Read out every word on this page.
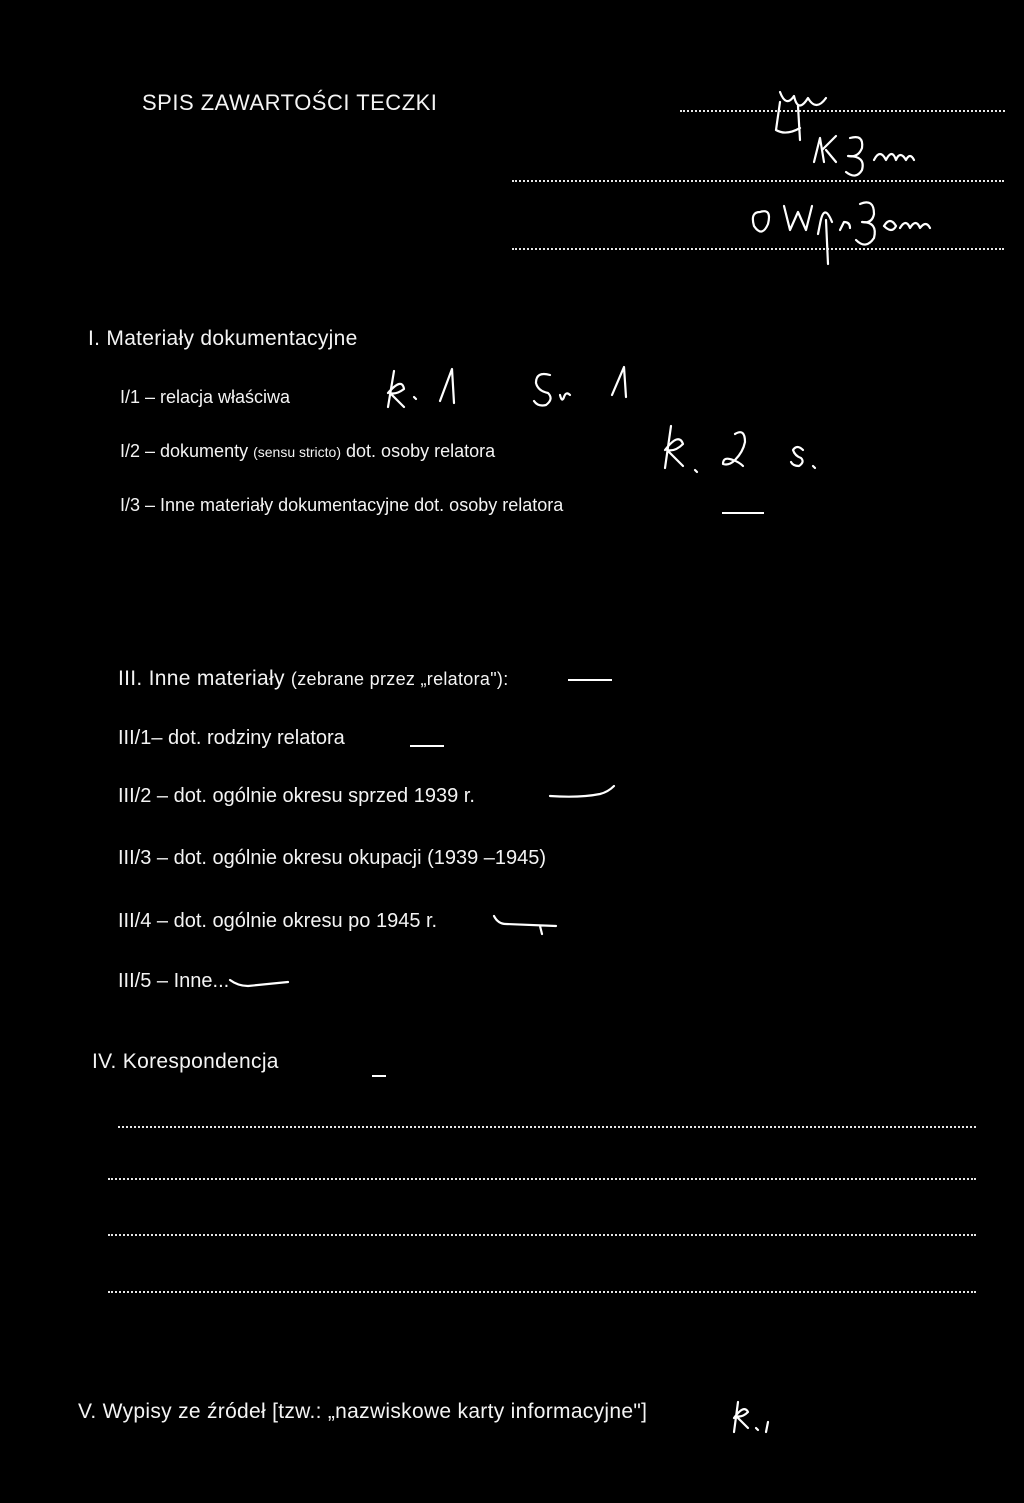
SPIS ZAWARTOŚCI TECZKI
I. Materiały dokumentacyjne
I/1 – relacja właściwa
I/2 – dokumenty (sensu stricto) dot. osoby relatora
I/3 – Inne materiały dokumentacyjne dot. osoby relatora
III. Inne materiały (zebrane przez „relatora"):
III/1– dot. rodziny relatora
III/2 – dot. ogólnie okresu sprzed 1939 r.
III/3 – dot. ogólnie okresu okupacji (1939 –1945)
III/4 – dot. ogólnie okresu po 1945 r.
III/5 – Inne...
IV. Korespondencja
V. Wypisy ze źródeł [tzw.: „nazwiskowe karty informacyjne"]
